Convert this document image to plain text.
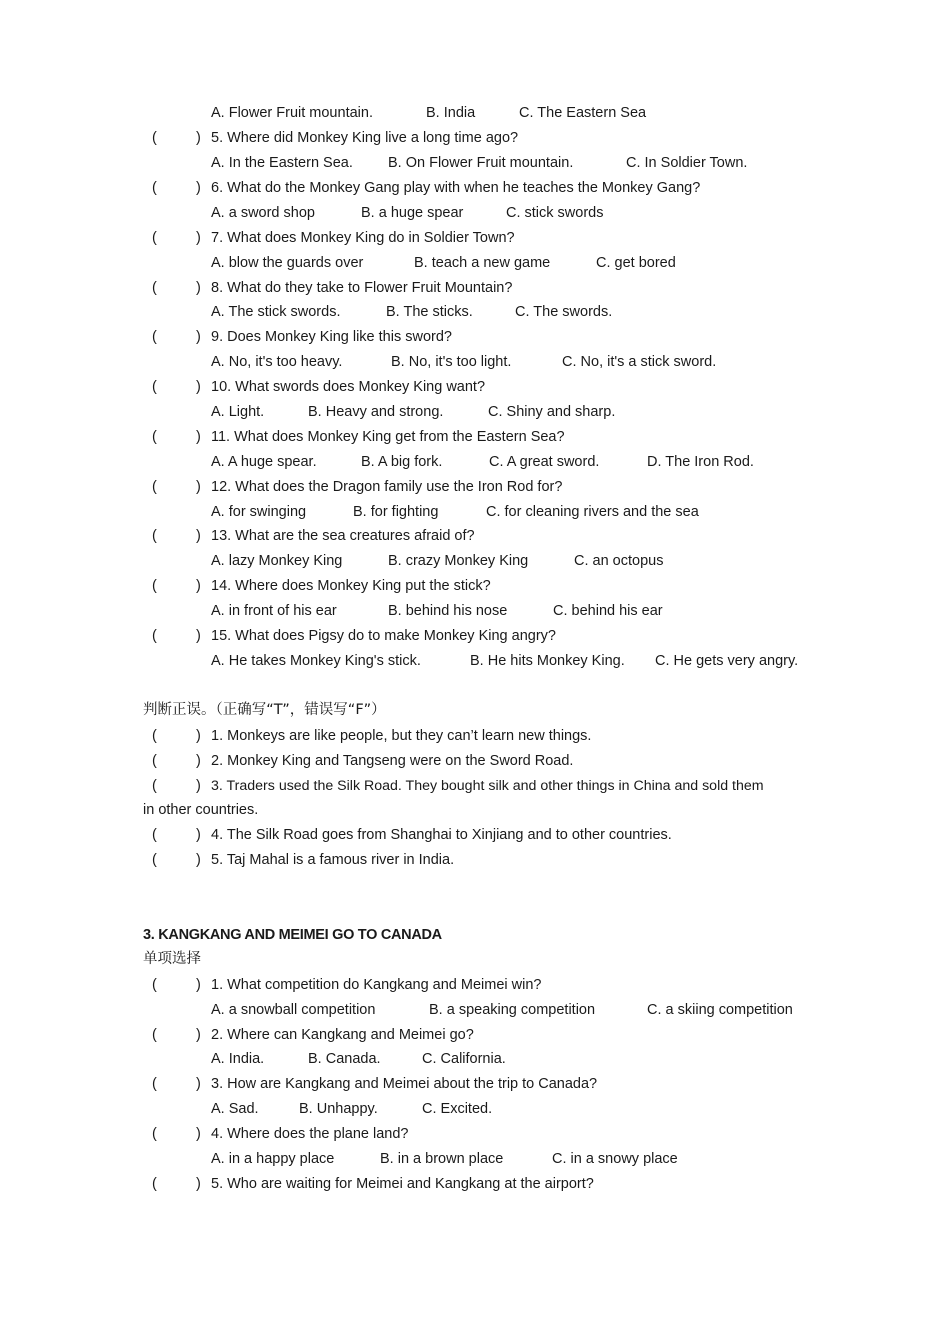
A. Flower Fruit mountain.	B. India	C. The Eastern Sea
(	) 5. Where did Monkey King live a long time ago?
A. In the Eastern Sea. B. On Flower Fruit mountain.	C. In Soldier Town.
(	) 6. What do the Monkey Gang play with when he teaches the Monkey Gang?
A. a sword shop	B. a huge spear	C. stick swords
(	) 7. What does Monkey King do in Soldier Town?
A. blow the guards over	B. teach a new game	C. get bored
(	) 8. What do they take to Flower Fruit Mountain?
A. The stick swords.	B. The sticks.	C. The swords.
(	) 9. Does Monkey King like this sword?
A. No, it's too heavy.	B. No, it's too light.	C. No, it's a stick sword.
(	) 10. What swords does Monkey King want?
A. Light.	B. Heavy and strong.	C. Shiny and sharp.
(	) 11. What does Monkey King get from the Eastern Sea?
A. A huge spear.	B. A big fork.	C. A great sword.	D. The Iron Rod.
(	) 12. What does the Dragon family use the Iron Rod for?
A. for swinging	B. for fighting	C. for cleaning rivers and the sea
(	) 13. What are the sea creatures afraid of?
A. lazy Monkey King	B. crazy Monkey King	C. an octopus
(	) 14. Where does Monkey King put the stick?
A. in front of his ear	B. behind his nose	C. behind his ear
(	) 15. What does Pigsy do to make Monkey King angry?
A. He takes Monkey King's stick.	B. He hits Monkey King. C. He gets very angry.
判断正误。（正确写“T”，错误写“F”）
(	) 1. Monkeys are like people, but they can’t learn new things.
(	) 2. Monkey King and Tangseng were on the Sword Road.
(	) 3. Traders used the Silk Road. They bought silk and other things in China and sold them
in other countries.
(	) 4. The Silk Road goes from Shanghai to Xinjiang and to other countries.
(	) 5. Taj Mahal is a famous river in India.
3. KANGKANG AND MEIMEI GO TO CANADA
单项选择
(	) 1. What competition do Kangkang and Meimei win?
A. a snowball competition	B. a speaking competition	C. a skiing competition
(	) 2. Where can Kangkang and Meimei go?
A. India.	B. Canada.	C. California.
(	) 3. How are Kangkang and Meimei about the trip to Canada?
A. Sad.	B. Unhappy.	C. Excited.
(	) 4. Where does the plane land?
A. in a happy place	B. in a brown place	C. in a snowy place
(	) 5. Who are waiting for Meimei and Kangkang at the airport?
